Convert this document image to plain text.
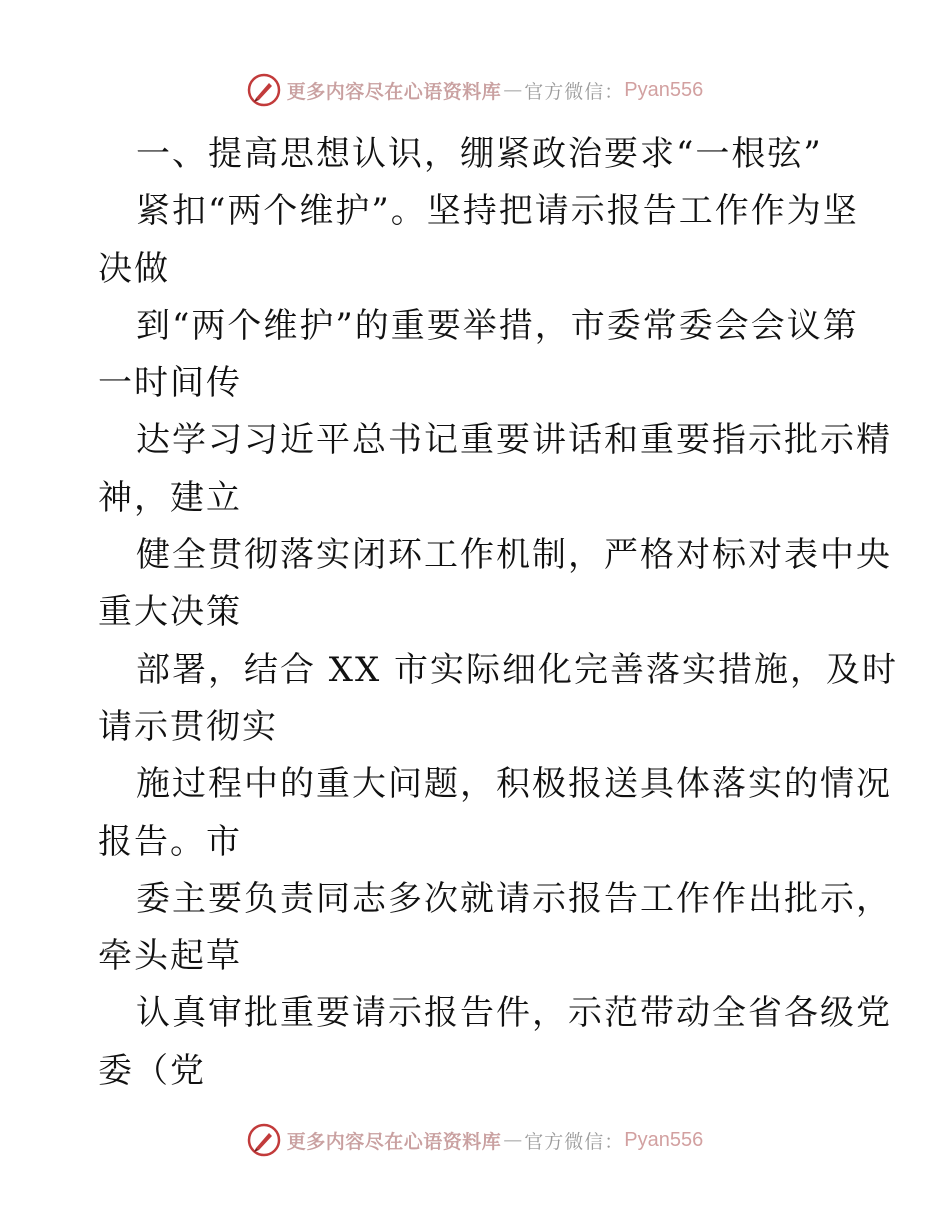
更多内容尽在心语资料库 — 官方微信： Pyan556
一、提高思想认识，绷紧政治要求“一根弦”
紧扣“两个维护”。坚持把请示报告工作作为坚
决做
到“两个维护”的重要举措，市委常委会会议第
一时间传
达学习习近平总书记重要讲话和重要指示批示精
神，建立
健全贯彻落实闭环工作机制，严格对标对表中央
重大决策
部署，结合 XX 市实际细化完善落实措施，及时
请示贯彻实
施过程中的重大问题，积极报送具体落实的情况
报告。市
委主要负责同志多次就请示报告工作作出批示，
牵头起草
认真审批重要请示报告件，示范带动全省各级党
委（党
更多内容尽在心语资料库 — 官方微信： Pyan556
